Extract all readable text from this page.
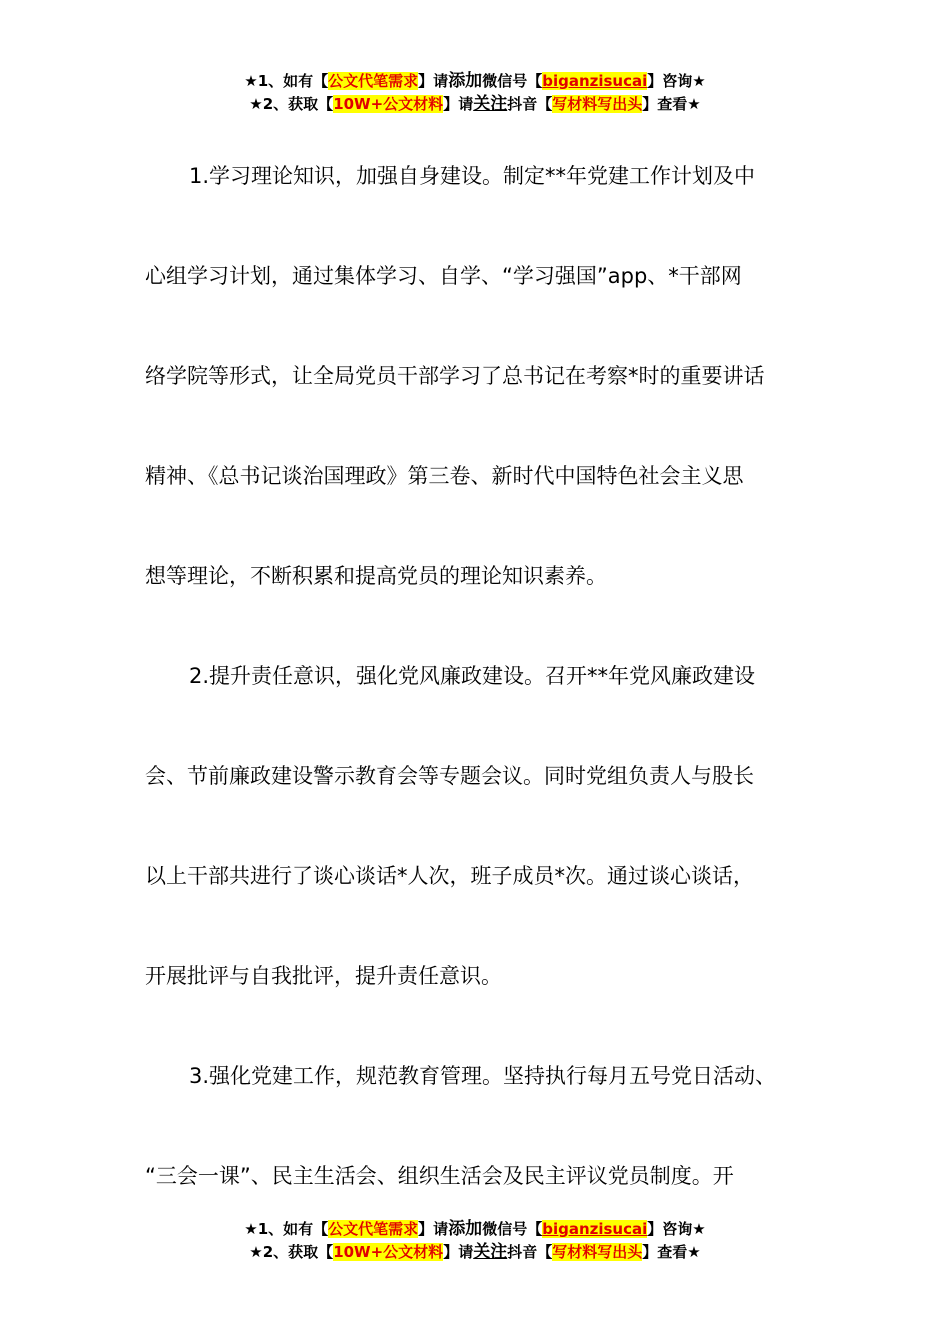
★1、如有【公文代笔需求】请添加微信号【biganzisucai】咨询★
★2、获取【10W+公文材料】请关注抖音【写材料写出头】查看★
1.学习理论知识，加强自身建设。制定**年党建工作计划及中
心组学习计划，通过集体学习、自学、“学习强国”app、*干部网
络学院等形式，让全局党员干部学习了总书记在考察*时的重要讲话
精神、《总书记谈治国理政》第三卷、新时代中国特色社会主义思
想等理论，不断积累和提高党员的理论知识素养。
2.提升责任意识，强化党风廉政建设。召开**年党风廉政建设
会、节前廉政建设警示教育会等专题会议。同时党组负责人与股长
以上干部共进行了谈心谈话*人次，班子成员*次。通过谈心谈话，
开展批评与自我批评，提升责任意识。
3.强化党建工作，规范教育管理。坚持执行每月五号党日活动、
“三会一课”、民主生活会、组织生活会及民主评议党员制度。开
★1、如有【公文代笔需求】请添加微信号【biganzisucai】咨询★
★2、获取【10W+公文材料】请关注抖音【写材料写出头】查看★
